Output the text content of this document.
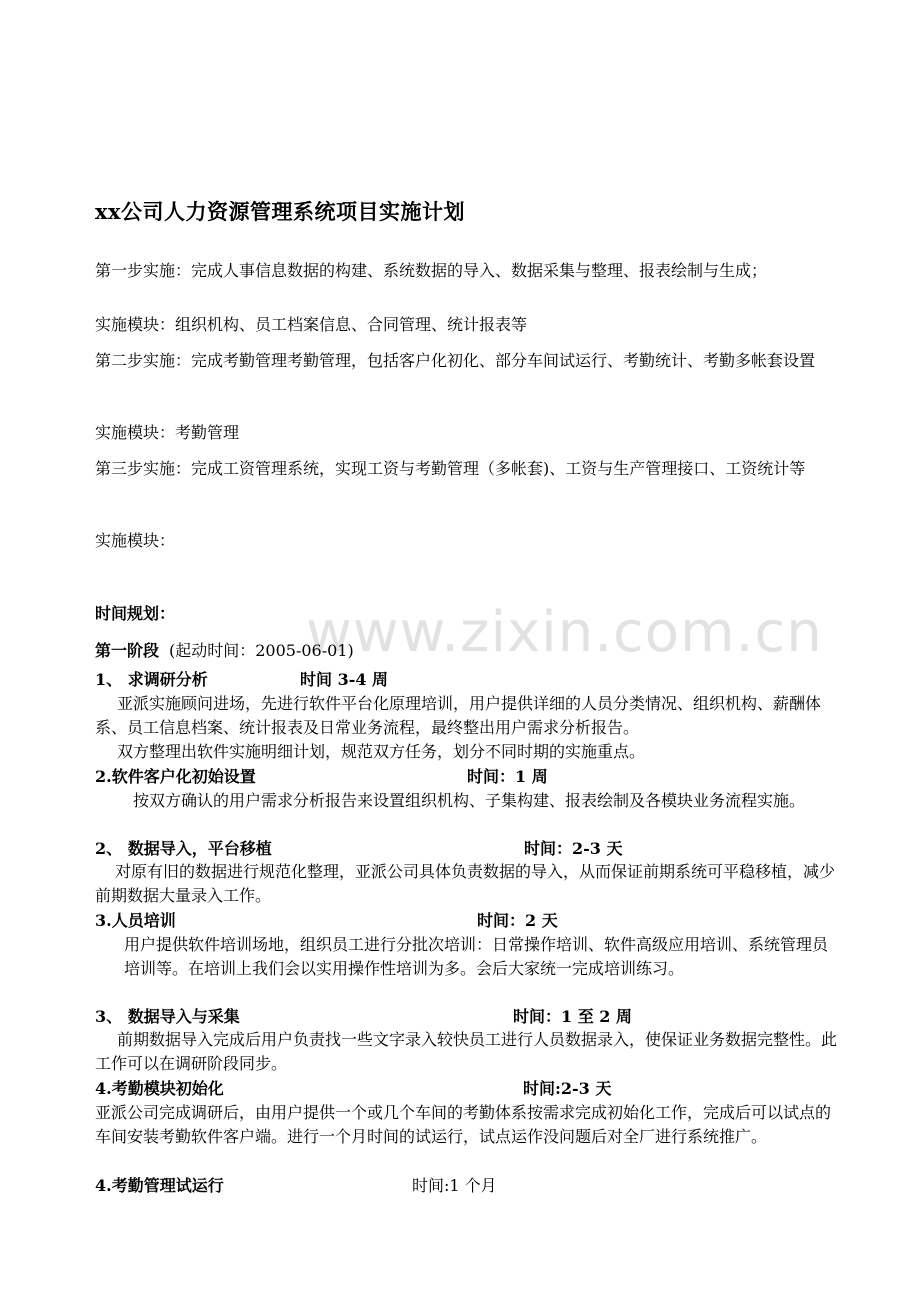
www.zixin.com.cn
xx公司人力资源管理系统项目实施计划
第一步实施：完成人事信息数据的构建、系统数据的导入、数据采集与整理、报表绘制与生成；
实施模块：组织机构、员工档案信息、合同管理、统计报表等
第二步实施：完成考勤管理考勤管理，包括客户化初化、部分车间试运行、考勤统计、考勤多帐套设置
实施模块：考勤管理
第三步实施：完成工资管理系统，实现工资与考勤管理（多帐套)、工资与生产管理接口、工资统计等
实施模块：
时间规划：
第一阶段 (起动时间：2005-06-01)
1、 求调研分析	时间 3-4 周
亚派实施顾问进场，先进行软件平台化原理培训，用户提供详细的人员分类情况、组织机构、薪酬体系、员工信息档案、统计报表及日常业务流程，最终整出用户需求分析报告。
双方整理出软件实施明细计划，规范双方任务，划分不同时期的实施重点。
2.软件客户化初始设置	时间：1 周
按双方确认的用户需求分析报告来设置组织机构、子集构建、报表绘制及各模块业务流程实施。
2、 数据导入，平台移植	时间：2-3 天
对原有旧的数据进行规范化整理，亚派公司具体负责数据的导入，从而保证前期系统可平稳移植，减少前期数据大量录入工作。
3.人员培训	时间：2 天
用户提供软件培训场地，组织员工进行分批次培训：日常操作培训、软件高级应用培训、系统管理员培训等。在培训上我们会以实用操作性培训为多。会后大家统一完成培训练习。
3、 数据导入与采集	时间：1 至 2 周
前期数据导入完成后用户负责找一些文字录入较快员工进行人员数据录入，使保证业务数据完整性。此工作可以在调研阶段同步。
4.考勤模块初始化	时间:2-3 天
亚派公司完成调研后，由用户提供一个或几个车间的考勤体系按需求完成初始化工作，完成后可以试点的车间安装考勤软件客户端。进行一个月时间的试运行，试点运作没问题后对全厂进行系统推广。
4.考勤管理试运行	时间:1 个月
